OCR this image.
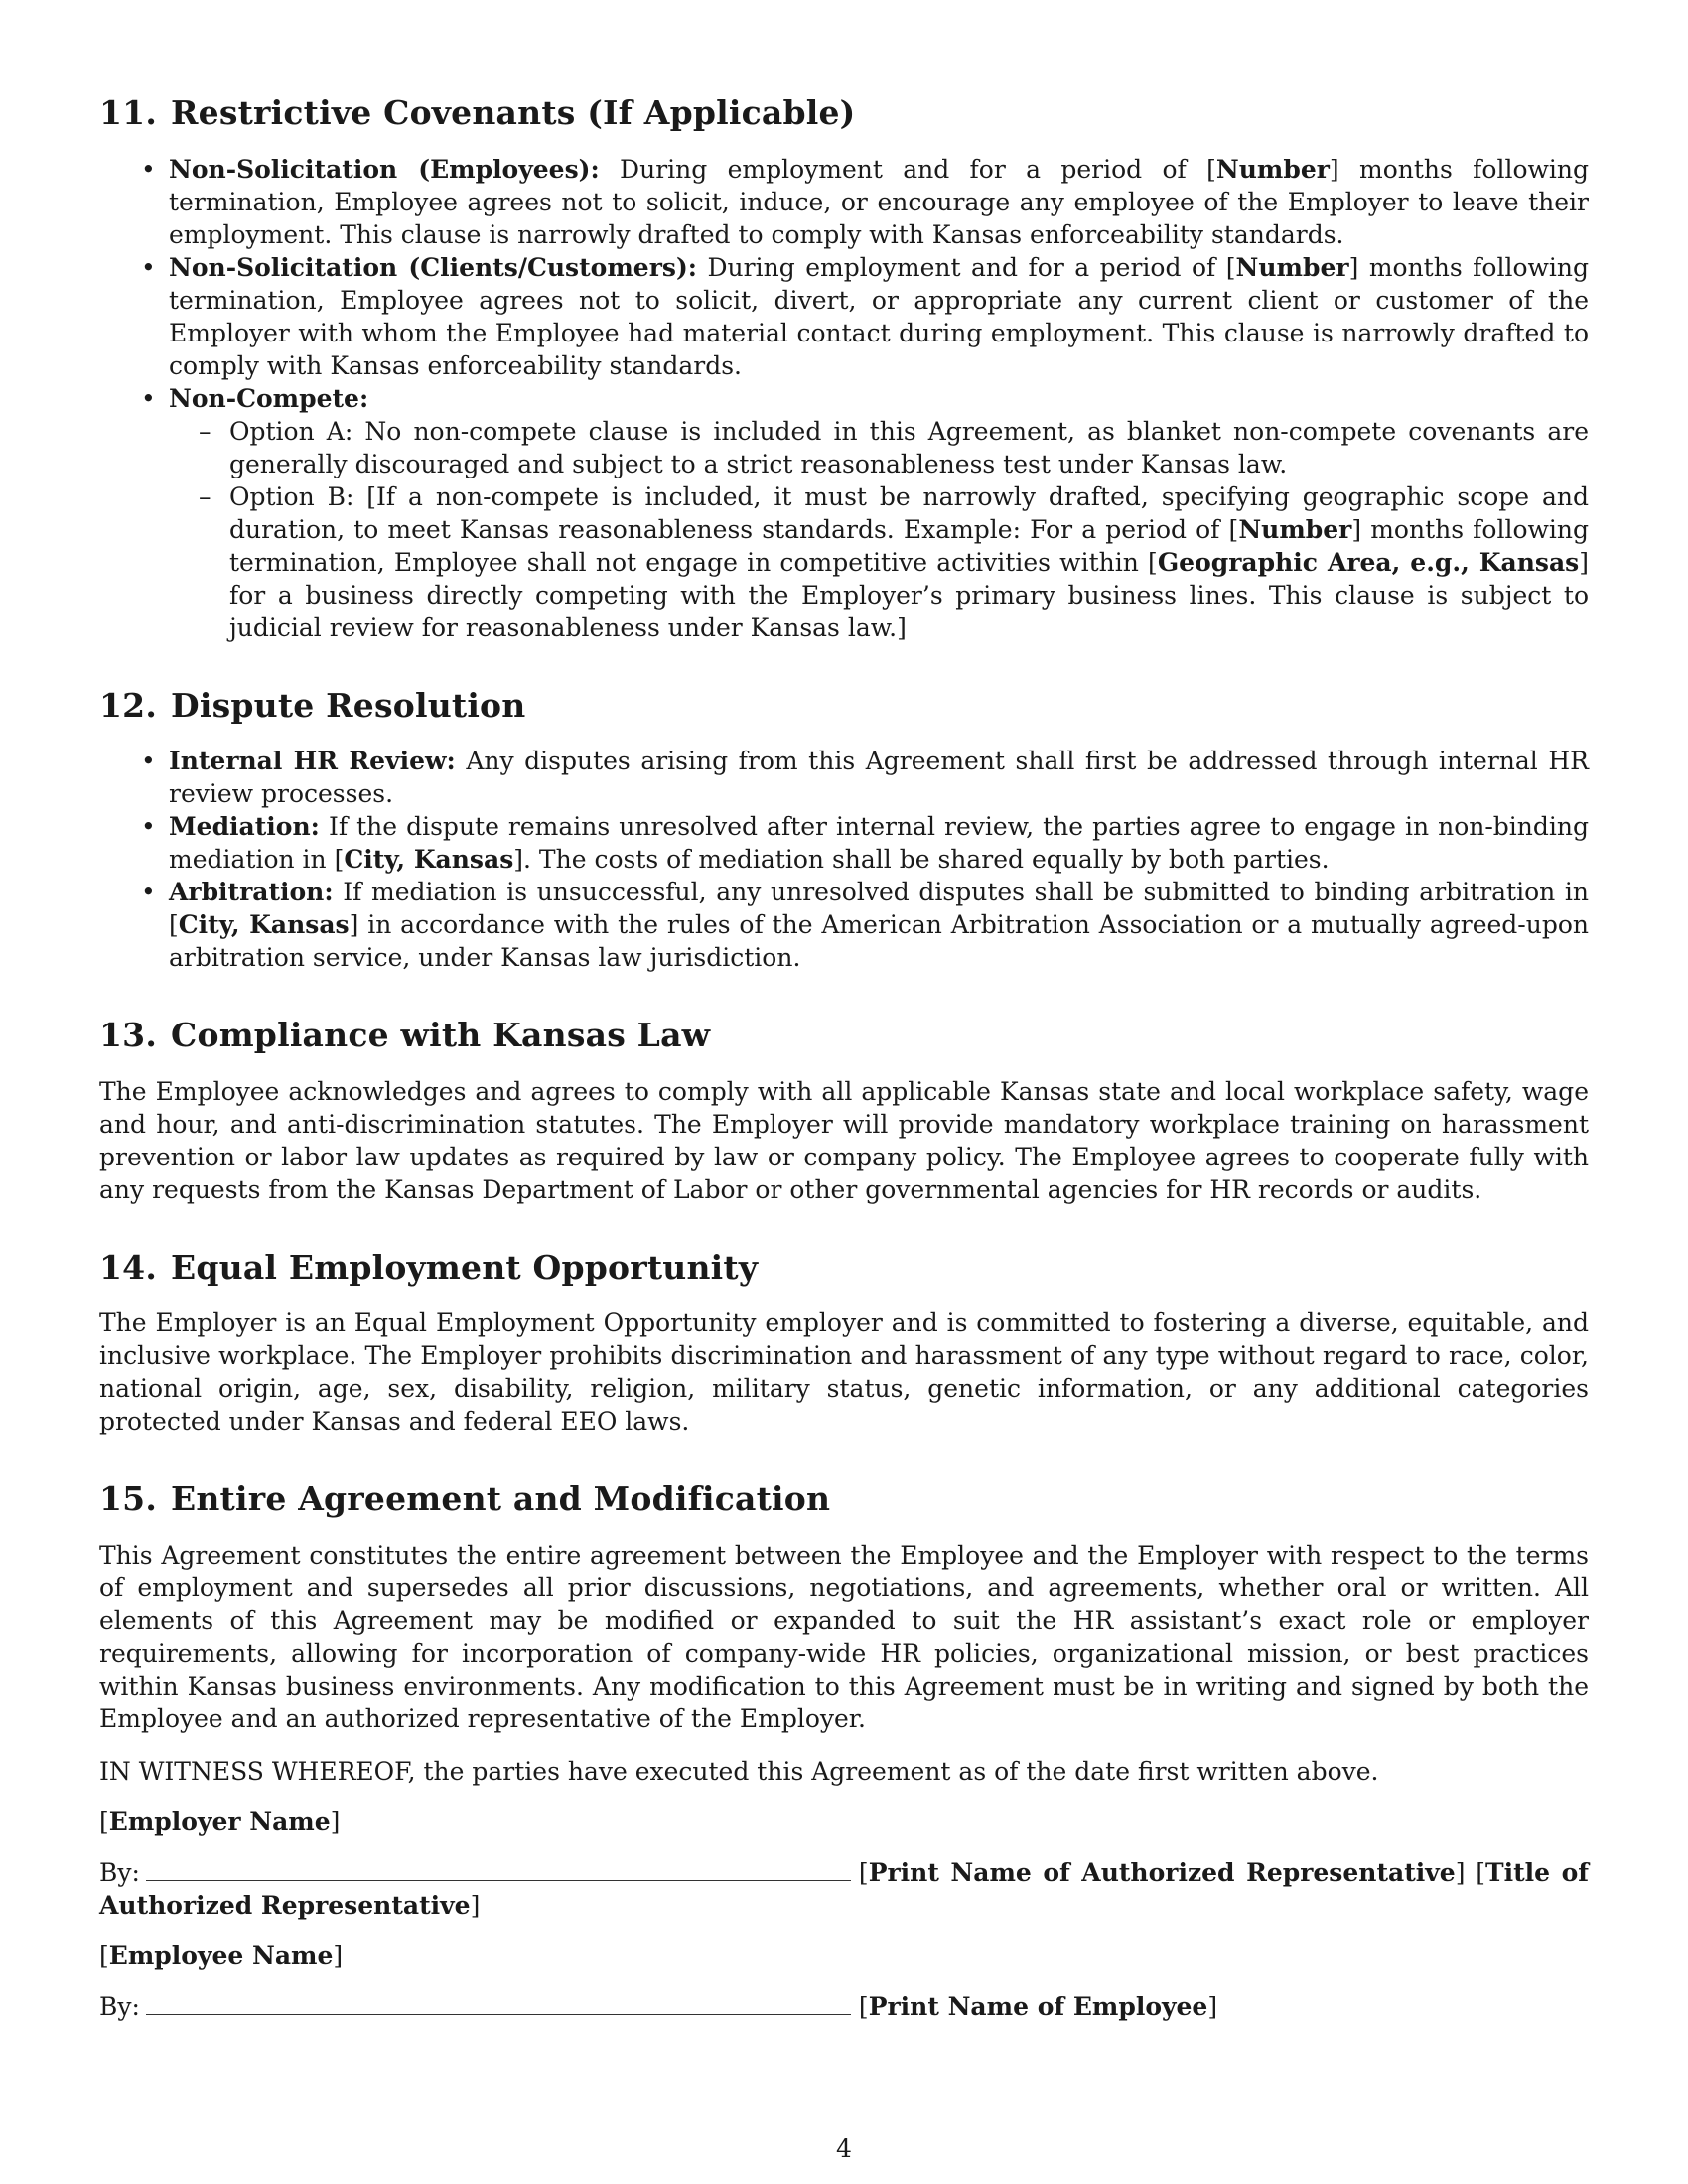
11. Restrictive Covenants (If Applicable)
• Non-Solicitation (Employees): During employment and for a period of [Number] months following termination, Employee agrees not to solicit, induce, or encourage any employee of the Employer to leave their employment. This clause is narrowly drafted to comply with Kansas enforceability standards.
• Non-Solicitation (Clients/Customers): During employment and for a period of [Number] months following termination, Employee agrees not to solicit, divert, or appropriate any current client or customer of the Employer with whom the Employee had material contact during employment. This clause is narrowly drafted to comply with Kansas enforceability standards.
• Non-Compete:
– Option A: No non-compete clause is included in this Agreement, as blanket non-compete covenants are generally discouraged and subject to a strict reasonableness test under Kansas law.
– Option B: [If a non-compete is included, it must be narrowly drafted, specifying geographic scope and duration, to meet Kansas reasonableness standards. Example: For a period of [Number] months following termination, Employee shall not engage in competitive activities within [Geographic Area, e.g., Kansas] for a business directly competing with the Employer’s primary business lines. This clause is subject to judicial review for reasonableness under Kansas law.]
12. Dispute Resolution
• Internal HR Review: Any disputes arising from this Agreement shall first be addressed through internal HR review processes.
• Mediation: If the dispute remains unresolved after internal review, the parties agree to engage in non-binding mediation in [City, Kansas]. The costs of mediation shall be shared equally by both parties.
• Arbitration: If mediation is unsuccessful, any unresolved disputes shall be submitted to binding arbitration in [City, Kansas] in accordance with the rules of the American Arbitration Association or a mutually agreed-upon arbitration service, under Kansas law jurisdiction.
13. Compliance with Kansas Law

The Employee acknowledges and agrees to comply with all applicable Kansas state and local workplace safety, wage and hour, and anti-discrimination statutes. The Employer will provide mandatory workplace training on harassment prevention or labor law updates as required by law or company policy. The Employee agrees to cooperate fully with any requests from the Kansas Department of Labor or other governmental agencies for HR records or audits.

14. Equal Employment Opportunity

The Employer is an Equal Employment Opportunity employer and is committed to fostering a diverse, equitable, and inclusive workplace. The Employer prohibits discrimination and harassment of any type without regard to race, color, national origin, age, sex, disability, religion, military status, genetic information, or any additional categories protected under Kansas and federal EEO laws.

15. Entire Agreement and Modification

This Agreement constitutes the entire agreement between the Employee and the Employer with respect to the terms of employment and supersedes all prior discussions, negotiations, and agreements, whether oral or written. All elements of this Agreement may be modified or expanded to suit the HR assistant’s exact role or employer requirements, allowing for incorporation of company-wide HR policies, organizational mission, or best practices within Kansas business environments. Any modification to this Agreement must be in writing and signed by both the Employee and an authorized representative of the Employer.

IN WITNESS WHEREOF, the parties have executed this Agreement as of the date first written above.

[Employer Name]

By:	[Print Name of Authorized Representative] [Title of Authorized Representative]

[Employee Name]

By:	[Print Name of Employee]

4
